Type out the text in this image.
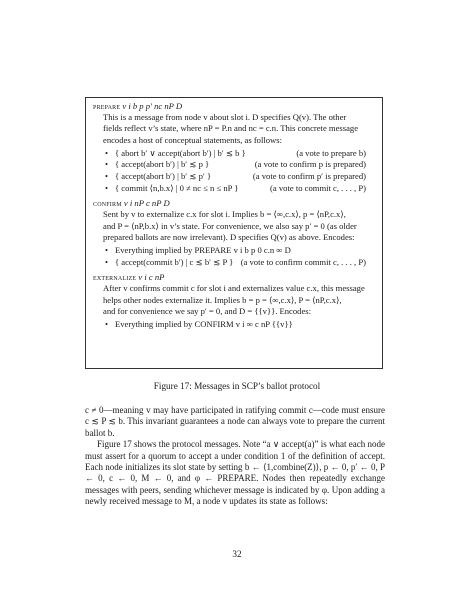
prepare v i b p p′ nc nP D

This is a message from node v about slot i. D specifies Q(v). The other

fields reflect v’s state, where nP = P.n and nc = c.n. This concrete message

encodes a host of conceptual statements, as follows:

• { abort b′ ∨ accept(abort b′) | b′ ≲ b }	(a vote to prepare b)
• { accept(abort b′) | b′ ≲ p }	(a vote to confirm p is prepared)
• { accept(abort b′) | b′ ≲ p′ }	(a vote to confirm p′ is prepared)
• { commit ⟨n,b.x⟩ | 0 ≠ nc ≤ n ≤ nP }	(a vote to commit c, . . . , P)

confirm v i nP c nP D

Sent by v to externalize c.x for slot i. Implies b = ⟨∞,c.x⟩, p = ⟨nP,c.x⟩,

and P = ⟨nP,b.x⟩ in v’s state. For convenience, we also say p′ = 0 (as older

prepared ballots are now irrelevant). D specifies Q(v) as above. Encodes:

• Everything implied by PREPARE v i b p 0 c.n ∞ D
• { accept(commit b′) | c ≲ b′ ≲ P } (a vote to confirm commit c, . . . , P)

externalize v i c nP

After v confirms commit c for slot i and externalizes value c.x, this message

helps other nodes externalize it. Implies b = p = ⟨∞,c.x⟩, P = ⟨nP,c.x⟩,

and for convenience we say p′ = 0, and D = {{v}}. Encodes:

• Everything implied by CONFIRM v i ∞ c nP {{v}}
Figure 17: Messages in SCP’s ballot protocol

c ≠ 0—meaning v may have participated in ratifying commit c—code must ensure c ≲ P ≲ b. This invariant guarantees a node can always vote to prepare the current ballot b.

Figure 17 shows the protocol messages. Note “a ∨ accept(a)” is what each node must assert for a quorum to accept a under condition 1 of the definition of accept. Each node initializes its slot state by setting b ← ⟨1,combine(Z)⟩, p ← 0, p′ ← 0, P ← 0, c ← 0, M ← 0, and φ ← PREPARE. Nodes then repeatedly exchange messages with peers, sending whichever message is indicated by φ. Upon adding a newly received message to M, a node v updates its state as follows:

32
